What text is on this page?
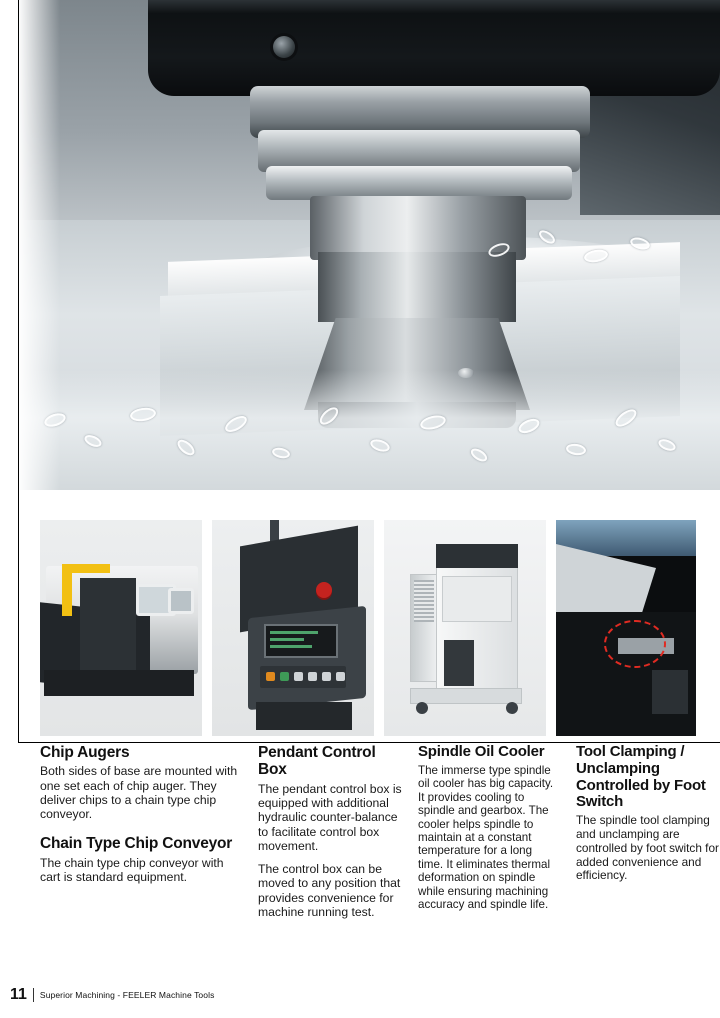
Chip Augers

Both sides of base are mounted with one set each of chip auger. They deliver chips to a chain type chip conveyor.

Chain Type Chip Conveyor

The chain type chip conveyor with cart is standard equipment.

Pendant Control Box

The pendant control box is equipped with additional hydraulic counter-balance to facilitate control box movement.

The control box can be moved to any position that provides convenience for machine running test.

Spindle Oil Cooler

The immerse type spindle oil cooler has big capacity. It provides cooling to spindle and gearbox. The cooler helps spindle to maintain at a constant temperature for a long time. It eliminates thermal deformation on spindle while ensuring machining accuracy and spindle life.

Tool Clamping / Unclamping Controlled by Foot Switch

The spindle tool clamping and unclamping are controlled by foot switch for added convenience and efficiency.

11 Superior Machining - FEELER Machine Tools
